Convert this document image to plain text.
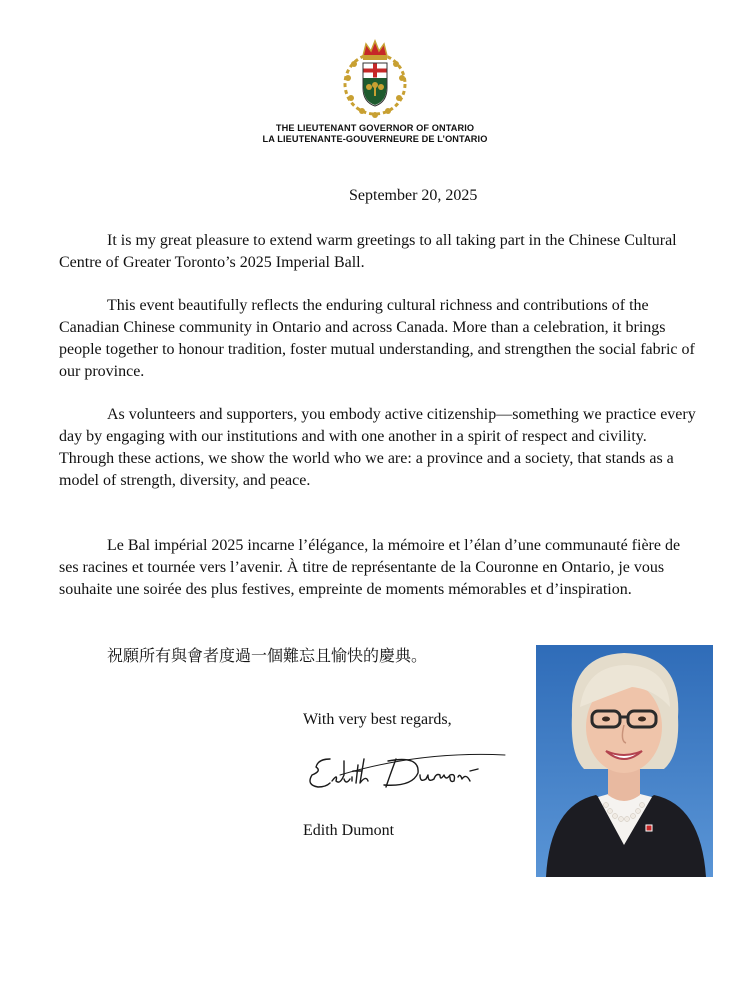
THE LIEUTENANT GOVERNOR OF ONTARIO
LA LIEUTENANTE-GOUVERNEURE DE L’ONTARIO
September 20, 2025

It is my great pleasure to extend warm greetings to all taking part in the Chinese Cultural Centre of Greater Toronto’s 2025 Imperial Ball.

This event beautifully reflects the enduring cultural richness and contributions of the Canadian Chinese community in Ontario and across Canada. More than a celebration, it brings people together to honour tradition, foster mutual understanding, and strengthen the social fabric of our province.

As volunteers and supporters, you embody active citizenship—something we practice every day by engaging with our institutions and with one another in a spirit of respect and civility. Through these actions, we show the world who we are: a province and a society, that stands as a model of strength, diversity, and peace.

Le Bal impérial 2025 incarne l’élégance, la mémoire et l’élan d’une communauté fière de ses racines et tournée vers l’avenir. À titre de représentante de la Couronne en Ontario, je vous souhaite une soirée des plus festives, empreinte de moments mémorables et d’inspiration.

祝願所有與會者度過一個難忘且愉快的慶典。
With very best regards,
Edith Dumont
